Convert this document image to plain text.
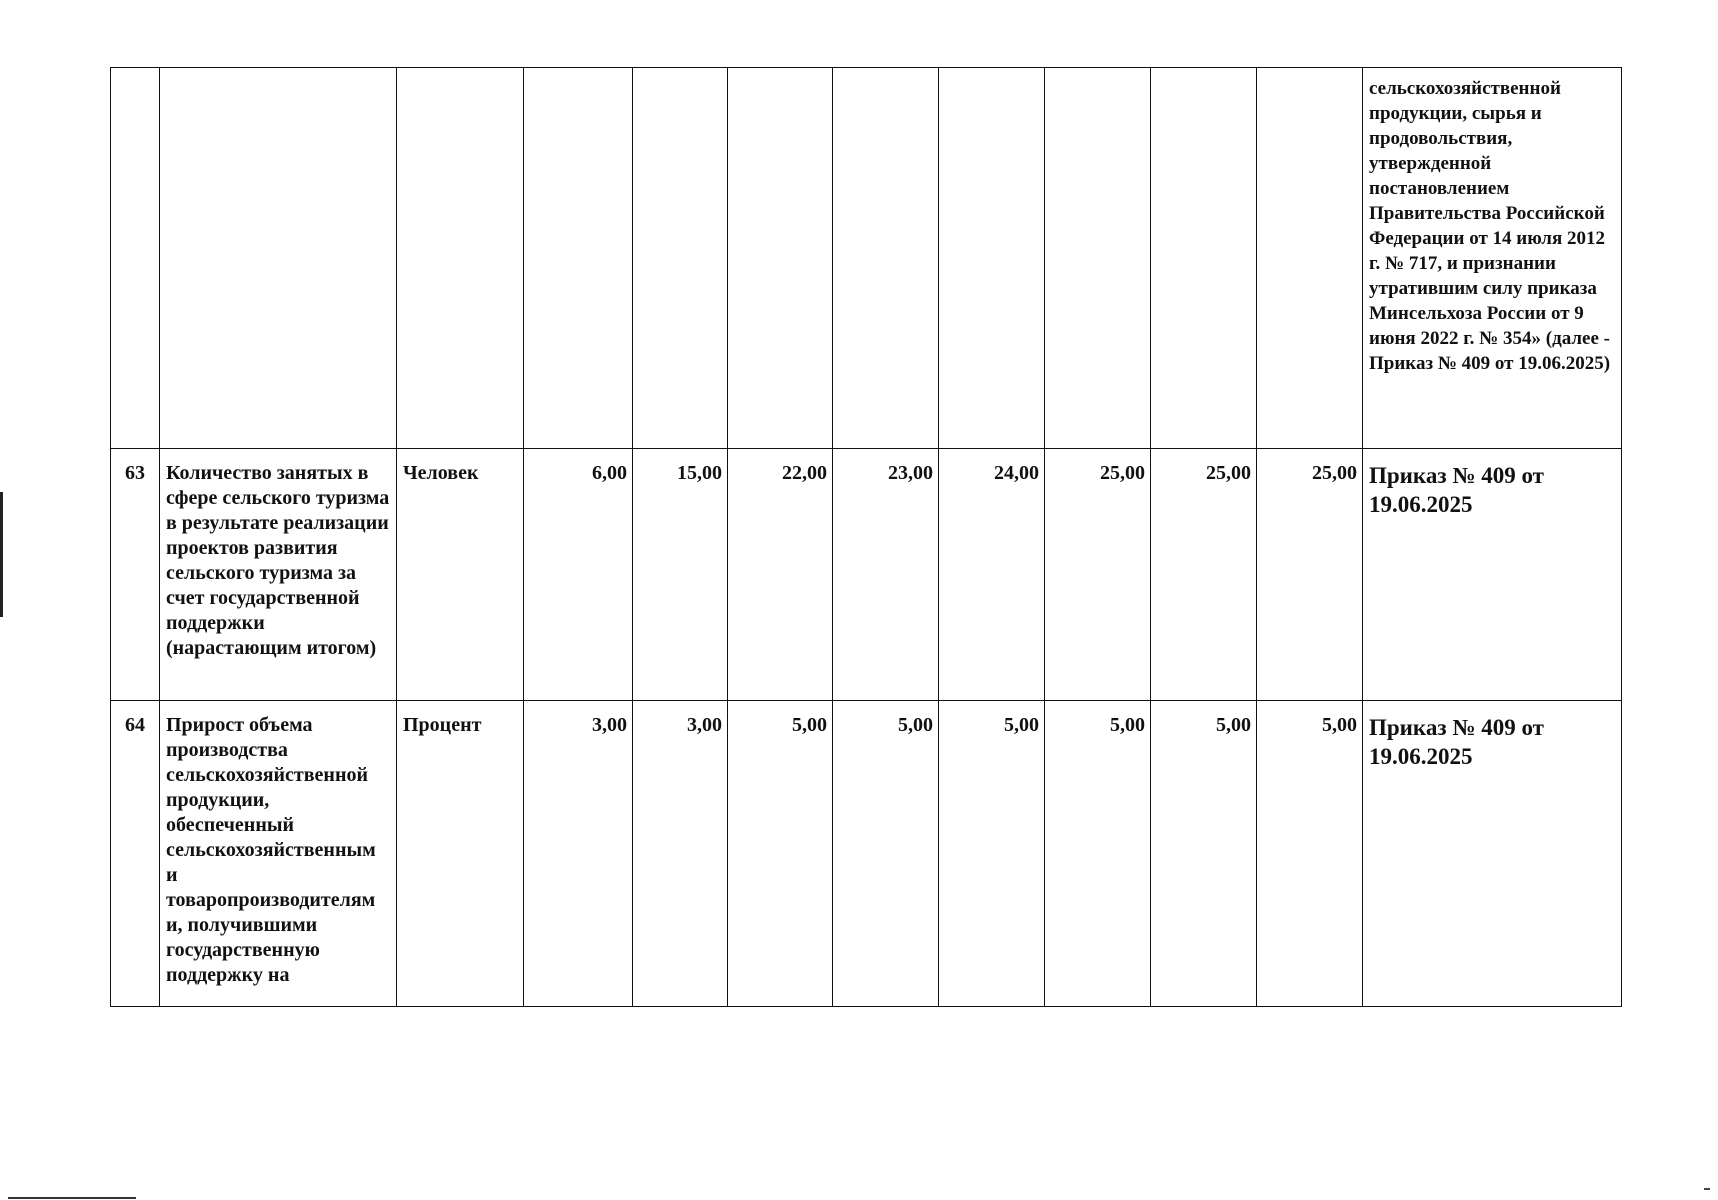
											сельскохозяйственной продукции, сырья и продовольствия, утвержденной постановлением Правительства Российской Федерации от 14 июля 2012 г. № 717, и признании утратившим силу приказа Минсельхоза России от 9 июня 2022 г. № 354» (далее - Приказ № 409 от 19.06.2025)
63	Количество занятых в сфере сельского туризма в результате реализации проектов развития сельского туризма за счет государственной поддержки (нарастающим итогом)	Человек	6,00	15,00	22,00	23,00	24,00	25,00	25,00	25,00	Приказ № 409 от 19.06.2025
64	Прирост объема производства сельскохозяйственной продукции, обеспеченный сельскохозяйственным и товаропроизводителям и, получившими государственную поддержку на	Процент	3,00	3,00	5,00	5,00	5,00	5,00	5,00	5,00	Приказ № 409 от 19.06.2025
